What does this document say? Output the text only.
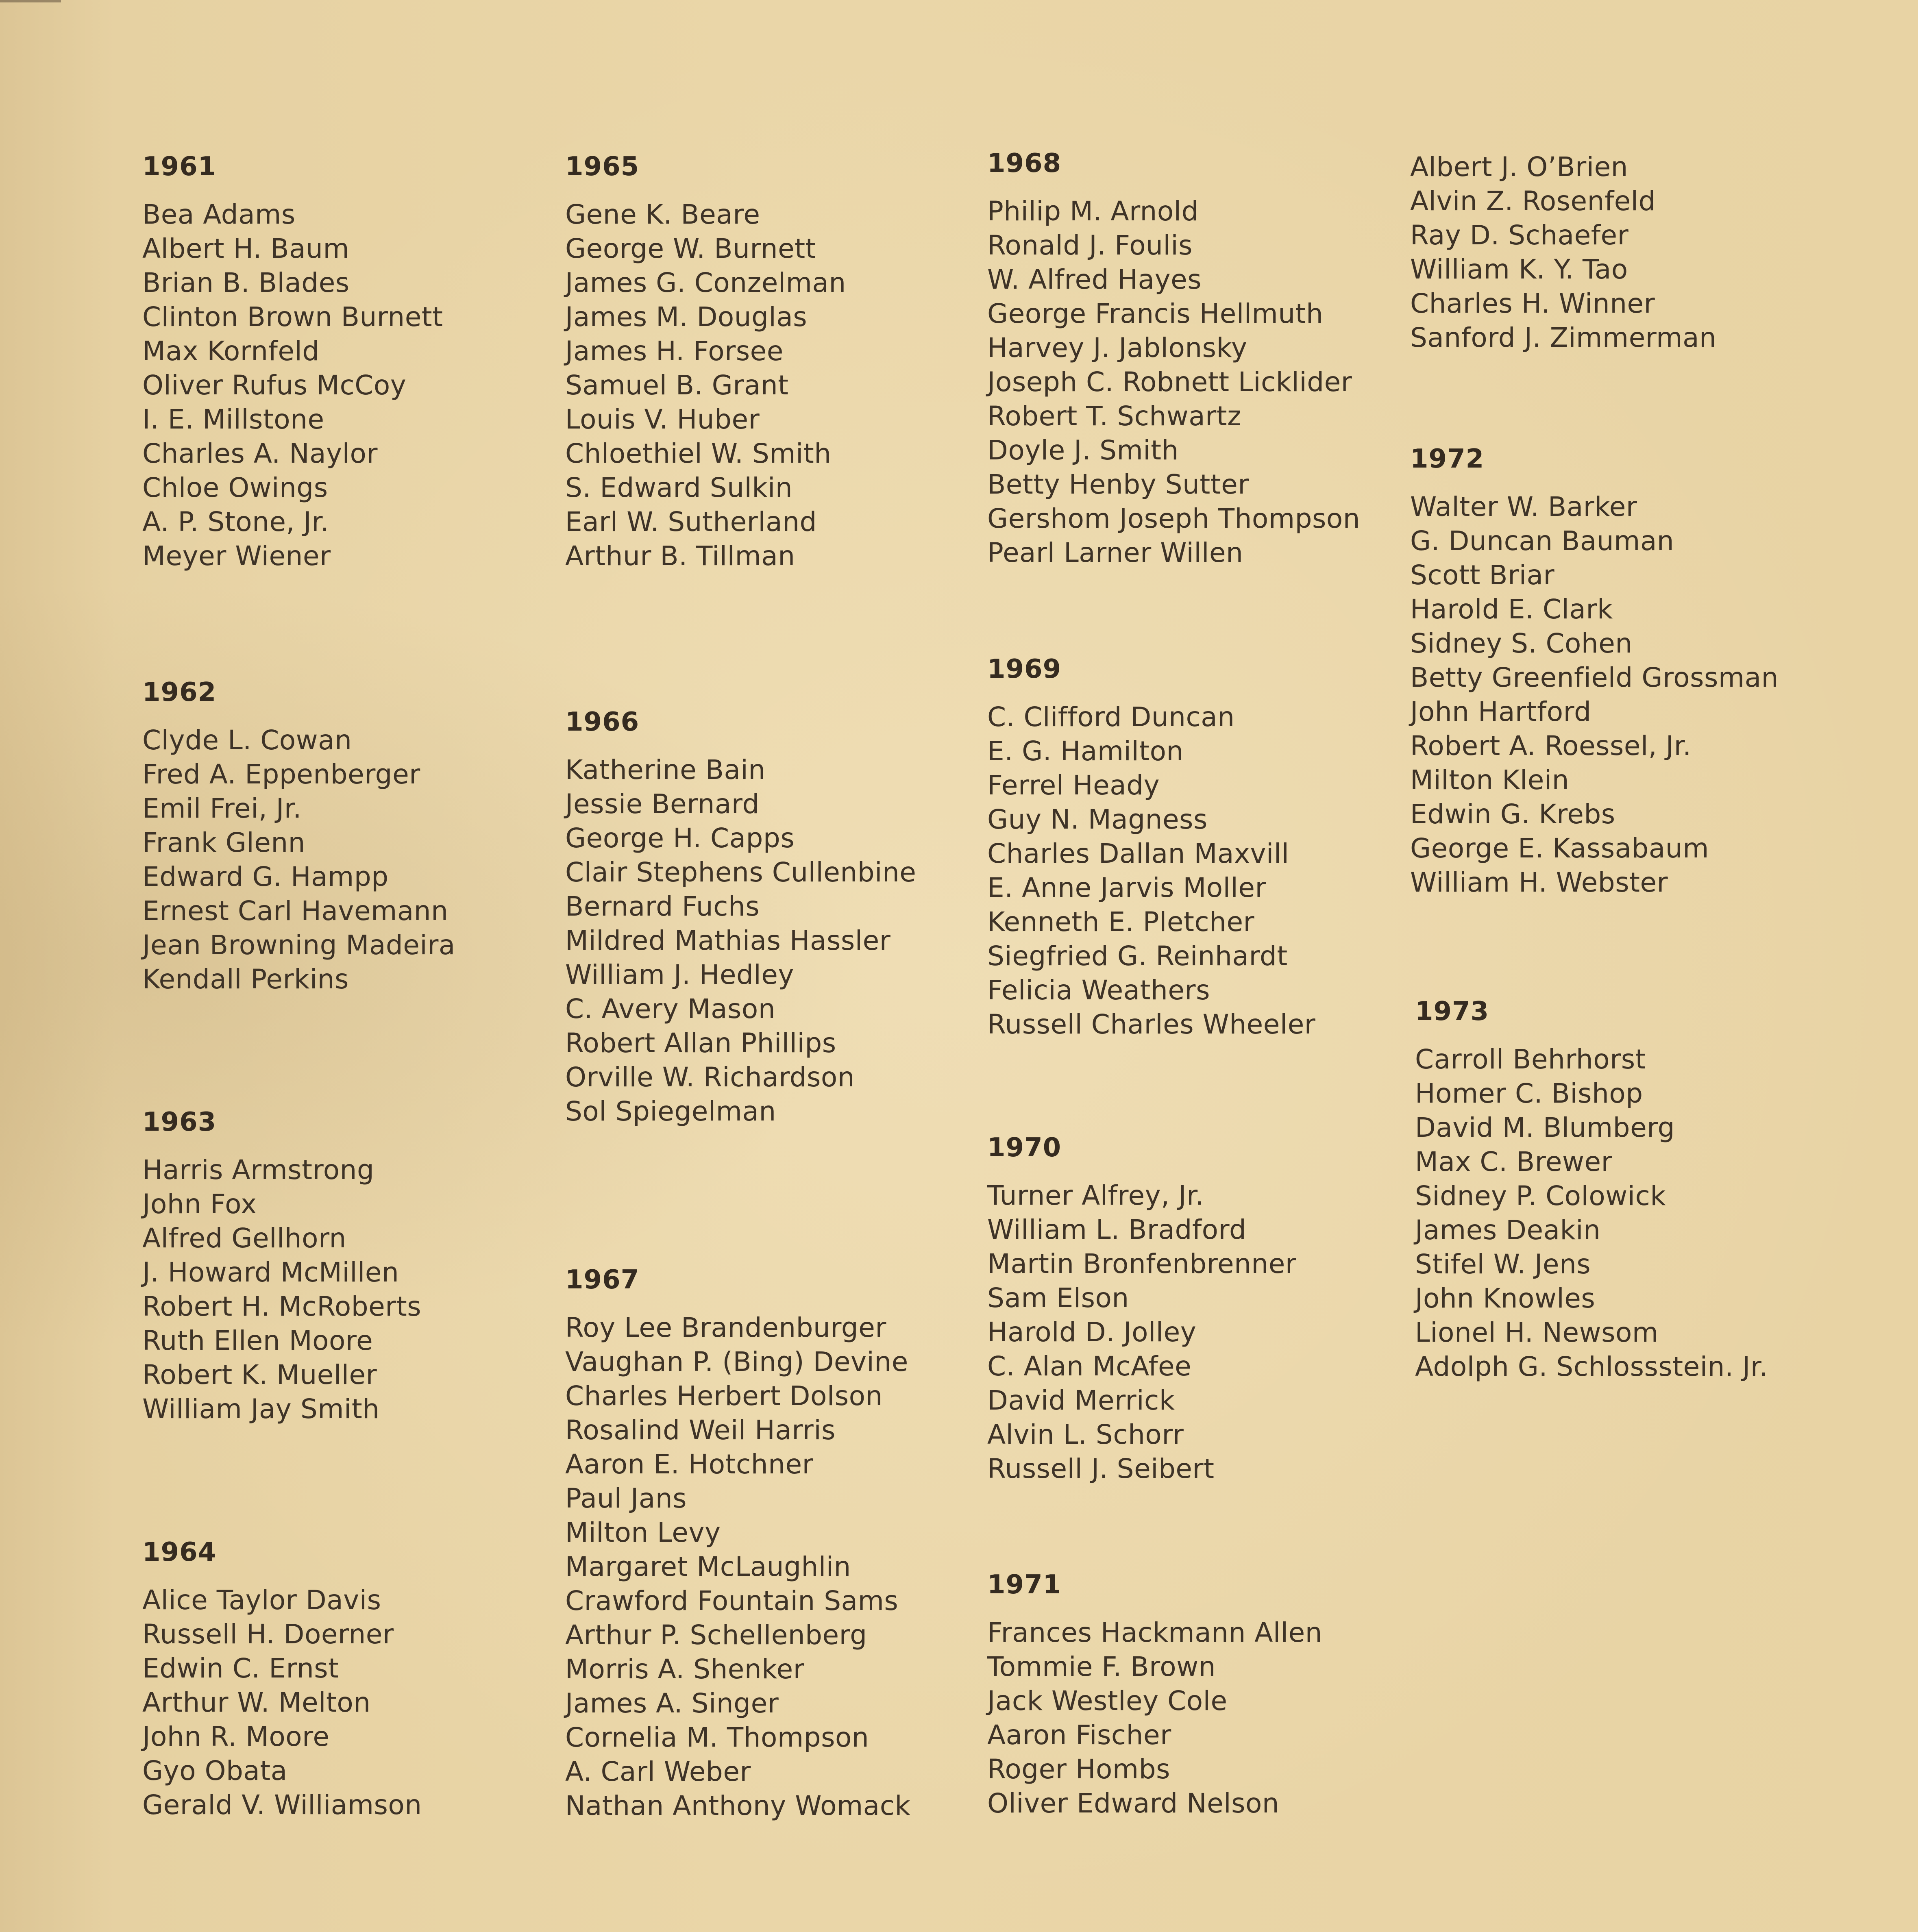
1961
Bea Adams
Albert H. Baum
Brian B. Blades
Clinton Brown Burnett
Max Kornfeld
Oliver Rufus McCoy
I. E. Millstone
Charles A. Naylor
Chloe Owings
A. P. Stone, Jr.
Meyer Wiener
1962
Clyde L. Cowan
Fred A. Eppenberger
Emil Frei, Jr.
Frank Glenn
Edward G. Hampp
Ernest Carl Havemann
Jean Browning Madeira
Kendall Perkins
1963
Harris Armstrong
John Fox
Alfred Gellhorn
J. Howard McMillen
Robert H. McRoberts
Ruth Ellen Moore
Robert K. Mueller
William Jay Smith
1964
Alice Taylor Davis
Russell H. Doerner
Edwin C. Ernst
Arthur W. Melton
John R. Moore
Gyo Obata
Gerald V. Williamson
1965
Gene K. Beare
George W. Burnett
James G. Conzelman
James M. Douglas
James H. Forsee
Samuel B. Grant
Louis V. Huber
Chloethiel W. Smith
S. Edward Sulkin
Earl W. Sutherland
Arthur B. Tillman
1966
Katherine Bain
Jessie Bernard
George H. Capps
Clair Stephens Cullenbine
Bernard Fuchs
Mildred Mathias Hassler
William J. Hedley
C. Avery Mason
Robert Allan Phillips
Orville W. Richardson
Sol Spiegelman
1967
Roy Lee Brandenburger
Vaughan P. (Bing) Devine
Charles Herbert Dolson
Rosalind Weil Harris
Aaron E. Hotchner
Paul Jans
Milton Levy
Margaret McLaughlin
Crawford Fountain Sams
Arthur P. Schellenberg
Morris A. Shenker
James A. Singer
Cornelia M. Thompson
A. Carl Weber
Nathan Anthony Womack
1968
Philip M. Arnold
Ronald J. Foulis
W. Alfred Hayes
George Francis Hellmuth
Harvey J. Jablonsky
Joseph C. Robnett Licklider
Robert T. Schwartz
Doyle J. Smith
Betty Henby Sutter
Gershom Joseph Thompson
Pearl Larner Willen
1969
C. Clifford Duncan
E. G. Hamilton
Ferrel Heady
Guy N. Magness
Charles Dallan Maxvill
E. Anne Jarvis Moller
Kenneth E. Pletcher
Siegfried G. Reinhardt
Felicia Weathers
Russell Charles Wheeler
1970
Turner Alfrey, Jr.
William L. Bradford
Martin Bronfenbrenner
Sam Elson
Harold D. Jolley
C. Alan McAfee
David Merrick
Alvin L. Schorr
Russell J. Seibert
1971
Frances Hackmann Allen
Tommie F. Brown
Jack Westley Cole
Aaron Fischer
Roger Hombs
Oliver Edward Nelson
Albert J. O’Brien
Alvin Z. Rosenfeld
Ray D. Schaefer
William K. Y. Tao
Charles H. Winner
Sanford J. Zimmerman
1972
Walter W. Barker
G. Duncan Bauman
Scott Briar
Harold E. Clark
Sidney S. Cohen
Betty Greenfield Grossman
John Hartford
Robert A. Roessel, Jr.
Milton Klein
Edwin G. Krebs
George E. Kassabaum
William H. Webster
1973
Carroll Behrhorst
Homer C. Bishop
David M. Blumberg
Max C. Brewer
Sidney P. Colowick
James Deakin
Stifel W. Jens
John Knowles
Lionel H. Newsom
Adolph G. Schlossstein. Jr.
